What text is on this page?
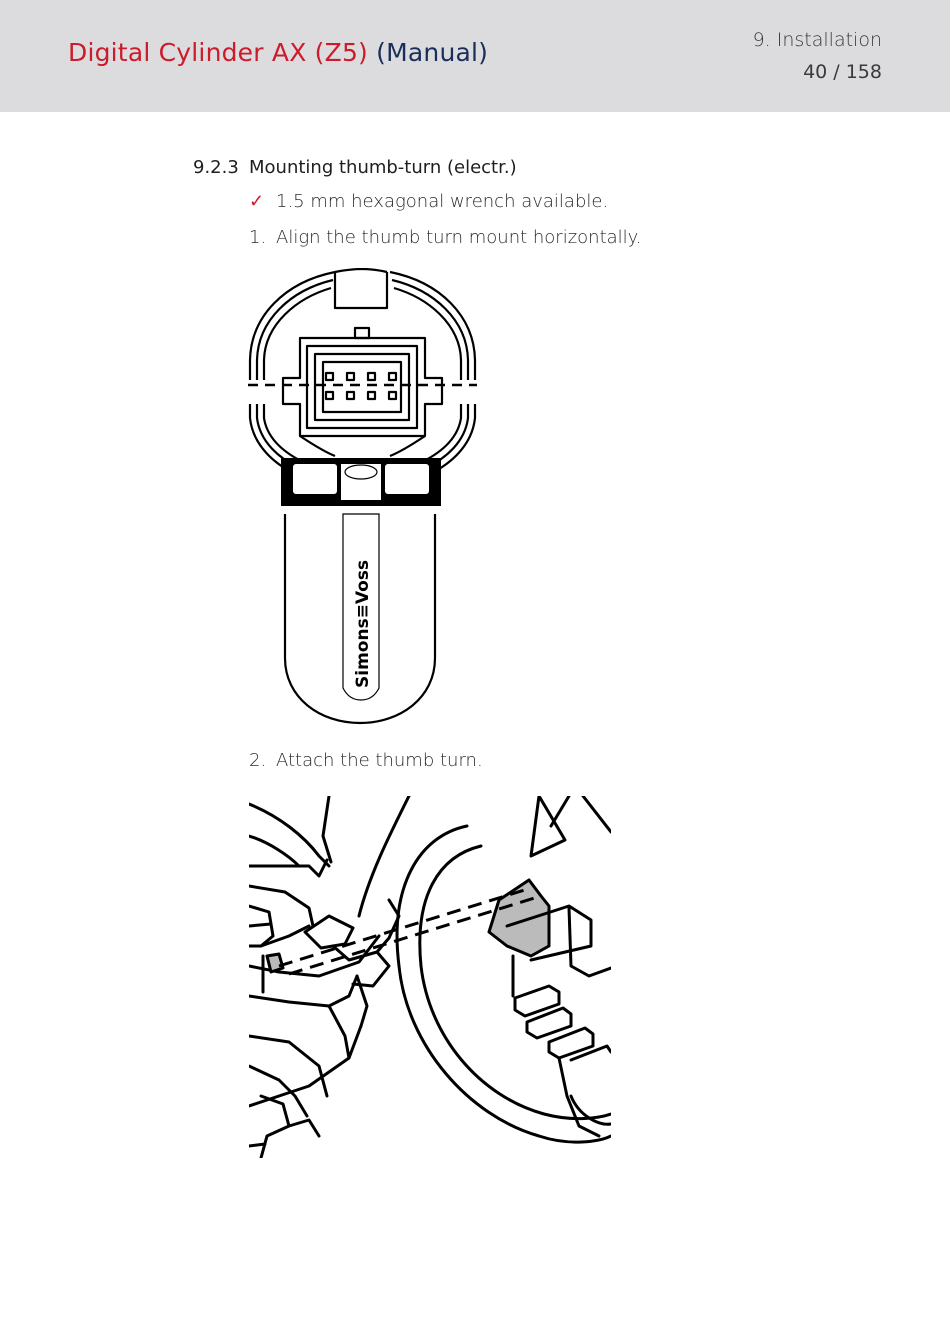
Digital Cylinder AX (Z5) (Manual)	9. Installation
40 / 158
9.2.3 Mounting thumb-turn (electr.)
✓ 1.5 mm hexagonal wrench available.
1. Align the thumb turn mount horizontally.
Simons≡Voss
2. Attach the thumb turn.
